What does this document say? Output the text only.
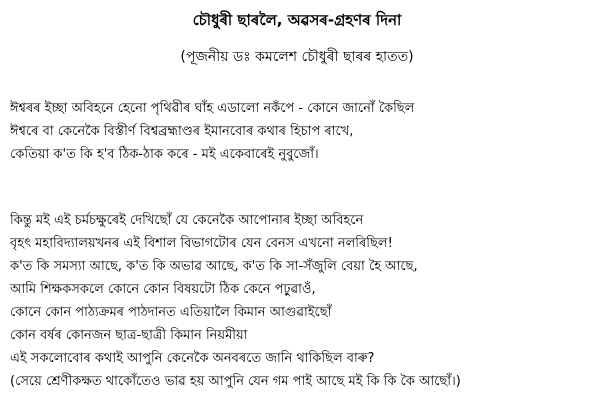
চৌধুৰী ছাৰলৈ, অৱসৰ-গ্ৰহণৰ দিনা
(পূজনীয় ডঃ কমলেশ চৌধুৰী ছাৰৰ হাতত)
ঈশ্বৰৰ ইচ্ছা অবিহনে হেনো পৃথিৱীৰ ঘাঁহ এডালো নকঁপে - কোনে জানোঁ কৈছিল
ঈশ্বৰে বা কেনেকৈ বিস্তীৰ্ণ বিশ্বব্ৰহ্মাণ্ডৰ ইমানবোৰ কথাৰ হিচাপ ৰাখে,
কেতিয়া ক'ত কি হ'ব ঠিক-ঠাক কৰে - মই একেবাৰেই নুবুজোঁ।
কিন্তু মই এই চৰ্মচক্ষুৰেই দেখিছোঁ যে কেনেকৈ আপোনাৰ ইচ্ছা অবিহনে
বৃহৎ মহাবিদ্যালয়খনৰ এই বিশাল বিভাগটোৰ যেন বেনস এখনো নলৰিছিল!
ক'ত কি সমস্যা আছে, ক'ত কি অভাৱ আছে, ক'ত কি সা-সঁজুলি বেয়া হৈ আছে,
আমি শিক্ষকসকলে কোনে কোন বিষয়টো ঠিক কেনে পঢ়ুৱাওঁ,
কোনে কোন পাঠ্যক্ৰমৰ পাঠদানত এতিয়ালৈ কিমান আগুৱাইছোঁ
কোন বৰ্ষৰ কোনজন ছাত্ৰ-ছাত্ৰী কিমান নিয়মীয়া
এই সকলোবোৰ কথাই আপুনি কেনেকৈ অনবৰতে জানি থাকিছিল বাৰু?
(সেয়ে শ্ৰেণীকক্ষত থাকোঁতেও ভাৱ হয় আপুনি যেন গম পাই আছে মই কি কি কৈ আছোঁ।)
